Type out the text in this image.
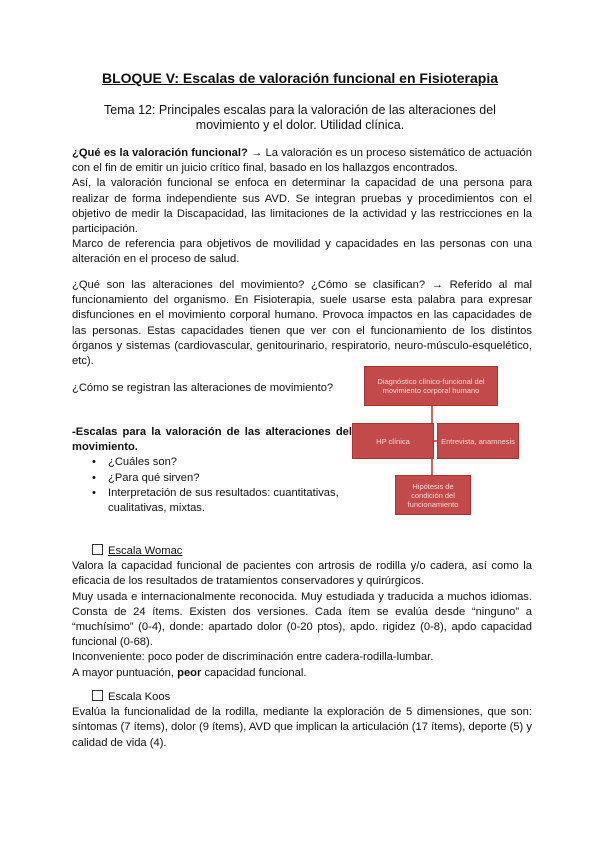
BLOQUE V: Escalas de valoración funcional en Fisioterapia
Tema 12: Principales escalas para la valoración de las alteraciones del movimiento y el dolor. Utilidad clínica.

¿Qué es la valoración funcional? → La valoración es un proceso sistemático de actuación con el fin de emitir un juicio crítico final, basado en los hallazgos encontrados.

Así, la valoración funcional se enfoca en determinar la capacidad de una persona para realizar de forma independiente sus AVD. Se integran pruebas y procedimientos con el objetivo de medir la Discapacidad, las limitaciones de la actividad y las restricciones en la participación.

Marco de referencia para objetivos de movilidad y capacidades en las personas con una alteración en el proceso de salud.

¿Qué son las alteraciones del movimiento? ¿Cómo se clasifican? → Referido al mal funcionamiento del organismo. En Fisioterapia, suele usarse esta palabra para expresar disfunciones en el movimiento corporal humano. Provoca impactos en las capacidades de las personas. Estas capacidades tienen que ver con el funcionamiento de los distintos órganos y sistemas (cardiovascular, genitourinario, respiratorio, neuro-músculo-esquelético, etc).
¿Cómo se registran las alteraciones de movimiento?

-Escalas para la valoración de las alteraciones del movimiento.

• ¿Cuáles son?
• ¿Para qué sirven?
• Interpretación de sus resultados: cuantitativas, cualitativas, mixtas.
Diagnóstico clínico-funcional del movimiento corporal humano
HP clínica	Entrevista, anamnesis
Hipótesis de condición del funcionamiento

Escala Womac

Valora la capacidad funcional de pacientes con artrosis de rodilla y/o cadera, así como la eficacia de los resultados de tratamientos conservadores y quirúrgicos.

Muy usada e internacionalmente reconocida. Muy estudiada y traducida a muchos idiomas. Consta de 24 ítems. Existen dos versiones. Cada ítem se evalúa desde “ninguno” a “muchísimo” (0-4), donde: apartado dolor (0-20 ptos), apdo. rigidez (0-8), apdo capacidad funcional (0-68).

Inconveniente: poco poder de discriminación entre cadera-rodilla-lumbar.

A mayor puntuación, peor capacidad funcional.

Escala Koos

Evalúa la funcionalidad de la rodilla, mediante la exploración de 5 dimensiones, que son: síntomas (7 ítems), dolor (9 ítems), AVD que implican la articulación (17 ítems), deporte (5) y calidad de vida (4).
